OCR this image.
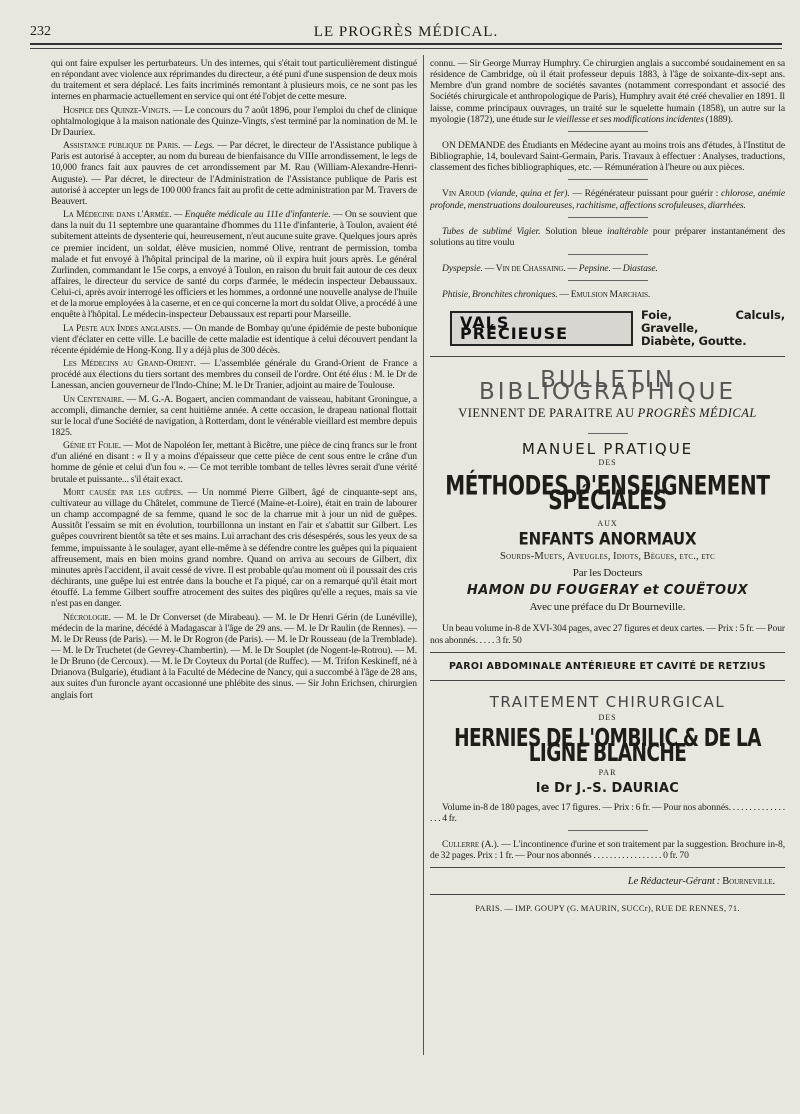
232	LE PROGRÈS MÉDICAL.

qui ont faire expulser les perturbateurs. Un des internes, qui s'était tout particulièrement distingué en répondant avec violence aux réprimandes du directeur, a été puni d'une suspension de deux mois du traitement et sera déplacé. Les faits incriminés remontant à plusieurs mois, ce ne sont pas les internes en pharmacie actuellement en service qui ont été l'objet de cette mesure.

Hospice des Quinze-Vingts. — Le concours du 7 août 1896, pour l'emploi du chef de clinique ophtalmologique à la maison nationale des Quinze-Vingts, s'est terminé par la nomination de M. le Dr Dauriex.

Assistance publique de Paris. — Legs. — Par décret, le directeur de l'Assistance publique à Paris est autorisé à accepter, au nom du bureau de bienfaisance du VIIIe arrondissement, le legs de 10,000 francs fait aux pauvres de cet arrondissement par M. Rau (William-Alexandre-Henri-Auguste). — Par décret, le directeur de l'Administration de l'Assistance publique de Paris est autorisé à accepter un legs de 100 000 francs fait au profit de cette administration par M. Travers de Beauvert.

La Médecine dans l'Armée. — Enquête médicale au 111e d'infanterie. — On se souvient que dans la nuit du 11 septembre une quarantaine d'hommes du 111e d'infanterie, à Toulon, avaient été subitement atteints de dysenterie qui, heureusement, n'eut aucune suite grave. Quelques jours après ce premier incident, un soldat, élève musicien, nommé Olive, rentrant de permission, tomba malade et fut envoyé à l'hôpital principal de la marine, où il expira huit jours après. Le général Zurlinden, commandant le 15e corps, a envoyé à Toulon, en raison du bruit fait autour de ces deux affaires, le directeur du service de santé du corps d'armée, le médecin inspecteur Debaussaux. Celui-ci, après avoir interrogé les officiers et les hommes, a ordonné une nouvelle analyse de l'huile et de la morue employées à la caserne, et en ce qui concerne la mort du soldat Olive, a procédé à une enquête à l'hôpital. Le médecin-inspecteur Debaussaux est reparti pour Marseille.

La Peste aux Indes anglaises. — On mande de Bombay qu'une épidémie de peste bubonique vient d'éclater en cette ville. Le bacille de cette maladie est identique à celui découvert pendant la récente épidémie de Hong-Kong. Il y a déjà plus de 300 décès.

Les Médecins au Grand-Orient. — L'assemblée générale du Grand-Orient de France a procédé aux élections du tiers sortant des membres du conseil de l'ordre. Ont été élus : M. le Dr de Lanessan, ancien gouverneur de l'Indo-Chine; M. le Dr Tranier, adjoint au maire de Toulouse.

Un Centenaire. — M. G.-A. Bogaert, ancien commandant de vaisseau, habitant Groningue, a accompli, dimanche dernier, sa cent huitième année. A cette occasion, le drapeau national flottait sur le local d'une Société de navigation, à Rotterdam, dont le vénérable vieillard est membre depuis 1825.

Génie et Folie. — Mot de Napoléon Ier, mettant à Bicêtre, une pièce de cinq francs sur le front d'un aliéné en disant : « Il y a moins d'épaisseur que cette pièce de cent sous entre le crâne d'un homme de génie et celui d'un fou ». — Ce mot terrible tombant de telles lèvres serait d'une vérité brutale et puissante... s'il était exact.

Mort causée par les guêpes. — Un nommé Pierre Gilbert, âgé de cinquante-sept ans, cultivateur au village du Châtelet, commune de Tiercé (Maine-et-Loire), était en train de labourer un champ accompagné de sa femme, quand le soc de la charrue mit à jour un nid de guêpes. Aussitôt l'essaim se mit en évolution, tourbillonna un instant en l'air et s'abattit sur Gilbert. Les guêpes couvrirent bientôt sa tête et ses mains. Lui arrachant des cris désespérés, sous les yeux de sa femme, impuissante à le soulager, ayant elle-même à se défendre contre les guêpes qui la piquaient affreusement, mais en bien moins grand nombre. Quand on arriva au secours de Gilbert, dix minutes après l'accident, il avait cessé de vivre. Il est probable qu'au moment où il poussait des cris déchirants, une guêpe lui est entrée dans la bouche et l'a piqué, car on a remarqué qu'il était mort étouffé. La femme Gilbert souffre atrocement des suites des piqûres qu'elle a reçues, mais sa vie n'est pas en danger.

Nécrologie. — M. le Dr Converset (de Mirabeau). — M. le Dr Henri Gérin (de Lunéville), médecin de la marine, décédé à Madagascar à l'âge de 29 ans. — M. le Dr Raulin (de Rennes). — M. le Dr Reuss (de Paris). — M. le Dr Rogron (de Paris). — M. le Dr Rousseau (de la Tremblade). — M. le Dr Truchetet (de Gevrey-Chambertin). — M. le Dr Souplet (de Nogent-le-Rotrou). — M. le Dr Bruno (de Cercoux). — M. le Dr Coyteux du Portal (de Ruffec). — M. Trifon Keskineff, né à Drianova (Bulgarie), étudiant à la Faculté de Médecine de Nancy, qui a succombé à l'âge de 28 ans, aux suites d'un furoncle ayant occasionné une phlébite des sinus. — Sir John Erichsen, chirurgien anglais fort

connu. — Sir George Murray Humphry. Ce chirurgien anglais a succombé soudainement en sa résidence de Cambridge, où il était professeur depuis 1883, à l'âge de soixante-dix-sept ans. Membre d'un grand nombre de sociétés savantes (notamment correspondant et associé des Sociétés chirurgicale et anthropologique de Paris), Humphry avait été créé chevalier en 1891. Il laisse, comme principaux ouvrages, un traité sur le squelette humain (1858), un autre sur la myologie (1872), une étude sur le vieillesse et ses modifications incidentes (1889).

ON DEMANDE des Étudiants en Médecine ayant au moins trois ans d'études, à l'Institut de Bibliographie, 14, boulevard Saint-Germain, Paris. Travaux à effectuer : Analyses, traductions, classement des fiches bibliographiques, etc. — Rémunération à l'heure ou aux pièces.

Vin Aroud (viande, quina et fer). — Régénérateur puissant pour guérir : chlorose, anémie profonde, menstruations douloureuses, rachitisme, affections scrofuleuses, diarrhées.

Tubes de sublimé Vigier. Solution bleue inaltérable pour préparer instantanément des solutions au titre voulu

Dyspepsie. — Vin de Chassaing. — Pepsine. — Diastase.

Phtisie, Bronchites chroniques. — Emulsion Marchais.

VALS PRÉCIEUSE
Foie, Calculs, Gravelle,
Diabète, Goutte.
BULLETIN BIBLIOGRAPHIQUE
VIENNENT DE PARAITRE AU PROGRÈS MÉDICAL
MANUEL PRATIQUE
DES
MÉTHODES D'ENSEIGNEMENT SPÉCIALES
AUX
ENFANTS ANORMAUX
Sourds-Muets, Aveugles, Idiots, Bègues, etc., etc
Par les Docteurs
HAMON DU FOUGERAY et COUËTOUX
Avec une préface du Dr Bourneville.

Un beau volume in-8 de XVI-304 pages, avec 27 figures et deux cartes. — Prix : 5 fr. — Pour nos abonnés. . . . . 3 fr. 50

PAROI ABDOMINALE ANTÉRIEURE ET CAVITÉ DE RETZIUS
TRAITEMENT CHIRURGICAL
DES
HERNIES DE L'OMBILIC & DE LA LIGNE BLANCHE
PAR
le Dr J.-S. DAURIAC

Volume in-8 de 180 pages, avec 17 figures. — Prix : 6 fr. — Pour nos abonnés. . . . . . . . . . . . . . . . . 4 fr.

Cullerre (A.). — L'incontinence d'urine et son traitement par la suggestion. Brochure in-8, de 32 pages. Prix : 1 fr. — Pour nos abonnés . . . . . . . . . . . . . . . . . 0 fr. 70

Le Rédacteur-Gérant : Bourneville.
PARIS. — IMP. GOUPY (G. MAURIN, SUCCr), RUE DE RENNES, 71.
